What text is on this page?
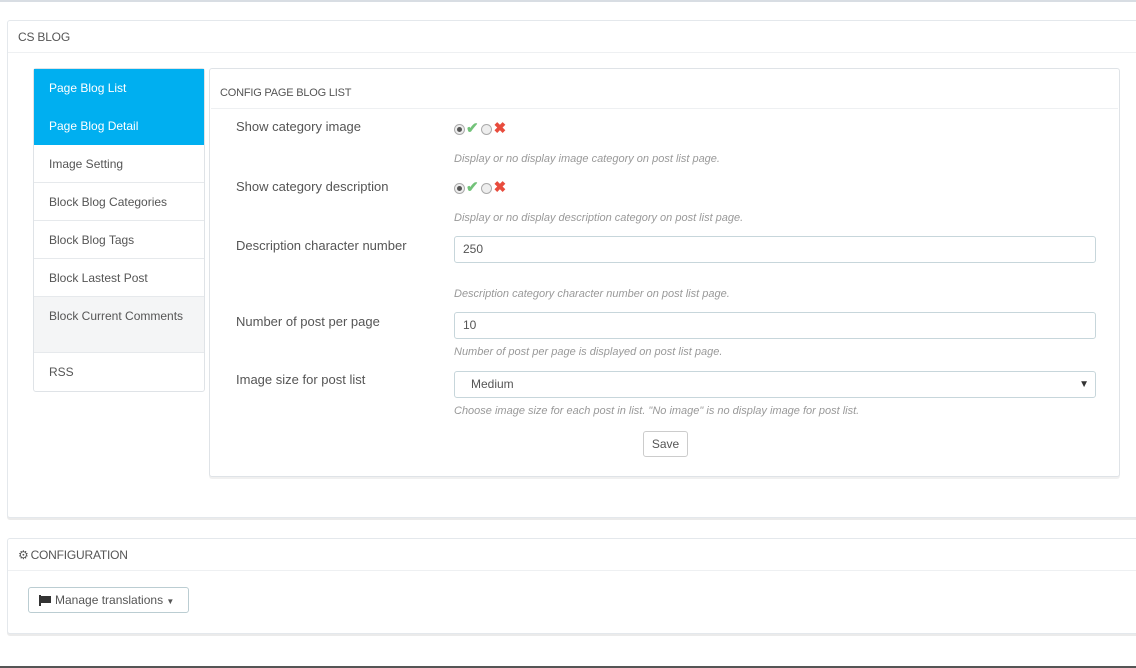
CS BLOG
Page Blog List
Page Blog Detail
Image Setting
Block Blog Categories
Block Blog Tags
Block Lastest Post
Block Current Comments
RSS
CONFIG PAGE BLOG LIST
Show category image	✔ ✖
Display or no display image category on post list page.
Show category description	✔ ✖
Display or no display description category on post list page.
Description character number	250
Description category character number on post list page.
Number of post per page	10
Number of post per page is displayed on post list page.
Image size for post list	Medium	▼
Choose image size for each post in list. "No image" is no display image for post list.
Save
⚙ CONFIGURATION
Manage translations ▼
